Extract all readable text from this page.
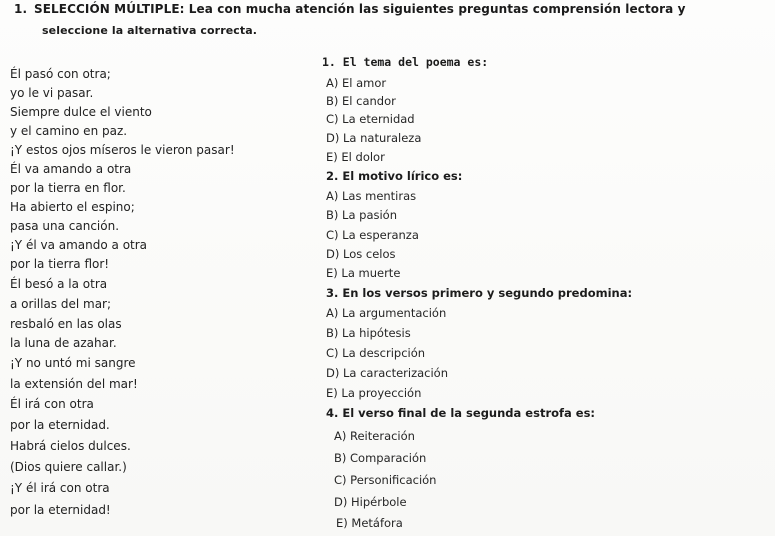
1. SELECCIÓN MÚLTIPLE: Lea con mucha atención las siguientes preguntas comprensión lectora y
seleccione la alternativa correcta.
Él pasó con otra;
yo le vi pasar.
Siempre dulce el viento
y el camino en paz.
¡Y estos ojos míseros le vieron pasar!
Él va amando a otra
por la tierra en flor.
Ha abierto el espino;
pasa una canción.
¡Y él va amando a otra
por la tierra flor!
Él besó a la otra
a orillas del mar;
resbaló en las olas
la luna de azahar.
¡Y no untó mi sangre
la extensión del mar!
Él irá con otra
por la eternidad.
Habrá cielos dulces.
(Dios quiere callar.)
¡Y él irá con otra
por la eternidad!
1. El tema del poema es:
A) El amor
B) El candor
C) La eternidad
D) La naturaleza
E) El dolor
2. El motivo lírico es:
A) Las mentiras
B) La pasión
C) La esperanza
D) Los celos
E) La muerte
3. En los versos primero y segundo predomina:
A) La argumentación
B) La hipótesis
C) La descripción
D) La caracterización
E) La proyección
4. El verso final de la segunda estrofa es:
A) Reiteración
B) Comparación
C) Personificación
D) Hipérbole
E) Metáfora
